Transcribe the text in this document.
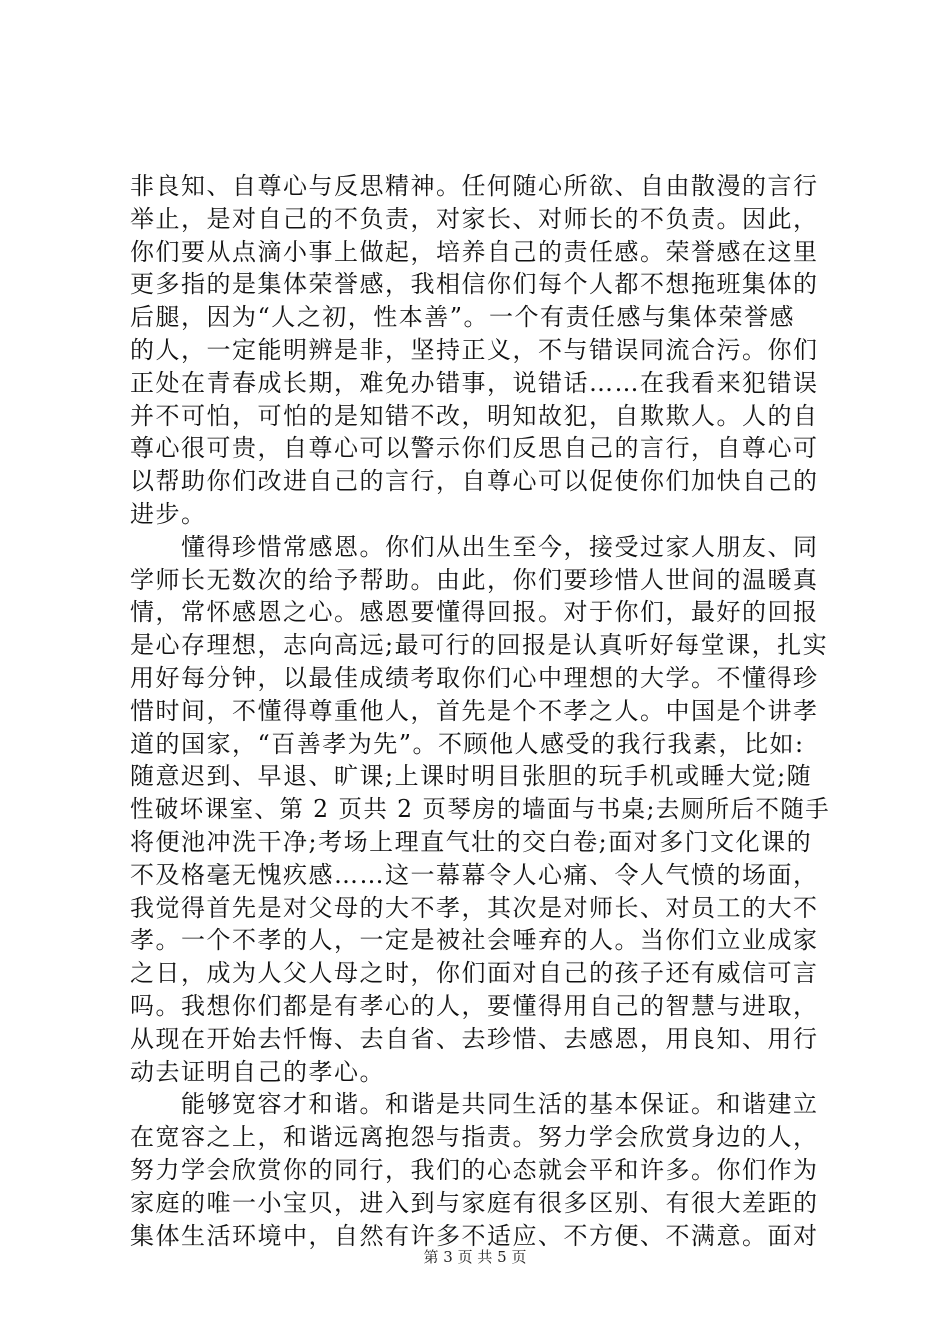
非良知、自尊心与反思精神。任何随心所欲、自由散漫的言行
举止，是对自己的不负责，对家长、对师长的不负责。因此，
你们要从点滴小事上做起，培养自己的责任感。荣誉感在这里
更多指的是集体荣誉感，我相信你们每个人都不想拖班集体的
后腿，因为“人之初，性本善”。一个有责任感与集体荣誉感
的人，一定能明辨是非，坚持正义，不与错误同流合污。你们
正处在青春成长期，难免办错事，说错话……在我看来犯错误
并不可怕，可怕的是知错不改，明知故犯，自欺欺人。人的自
尊心很可贵，自尊心可以警示你们反思自己的言行，自尊心可
以帮助你们改进自己的言行，自尊心可以促使你们加快自己的
进步。
　　懂得珍惜常感恩。你们从出生至今，接受过家人朋友、同
学师长无数次的给予帮助。由此，你们要珍惜人世间的温暖真
情，常怀感恩之心。感恩要懂得回报。对于你们，最好的回报
是心存理想，志向高远;最可行的回报是认真听好每堂课，扎实
用好每分钟，以最佳成绩考取你们心中理想的大学。不懂得珍
惜时间，不懂得尊重他人，首先是个不孝之人。中国是个讲孝
道的国家，“百善孝为先”。不顾他人感受的我行我素，比如:
随意迟到、早退、旷课;上课时明目张胆的玩手机或睡大觉;随
性破坏课室、第 2 页共 2 页琴房的墙面与书桌;去厕所后不随手
将便池冲洗干净;考场上理直气壮的交白卷;面对多门文化课的
不及格毫无愧疚感……这一幕幕令人心痛、令人气愤的场面，
我觉得首先是对父母的大不孝，其次是对师长、对员工的大不
孝。一个不孝的人，一定是被社会唾弃的人。当你们立业成家
之日，成为人父人母之时，你们面对自己的孩子还有威信可言
吗。我想你们都是有孝心的人，要懂得用自己的智慧与进取，
从现在开始去忏悔、去自省、去珍惜、去感恩，用良知、用行
动去证明自己的孝心。
　　能够宽容才和谐。和谐是共同生活的基本保证。和谐建立
在宽容之上，和谐远离抱怨与指责。努力学会欣赏身边的人，
努力学会欣赏你的同行，我们的心态就会平和许多。你们作为
家庭的唯一小宝贝，进入到与家庭有很多区别、有很大差距的
集体生活环境中，自然有许多不适应、不方便、不满意。面对
第 3 页 共 5 页
